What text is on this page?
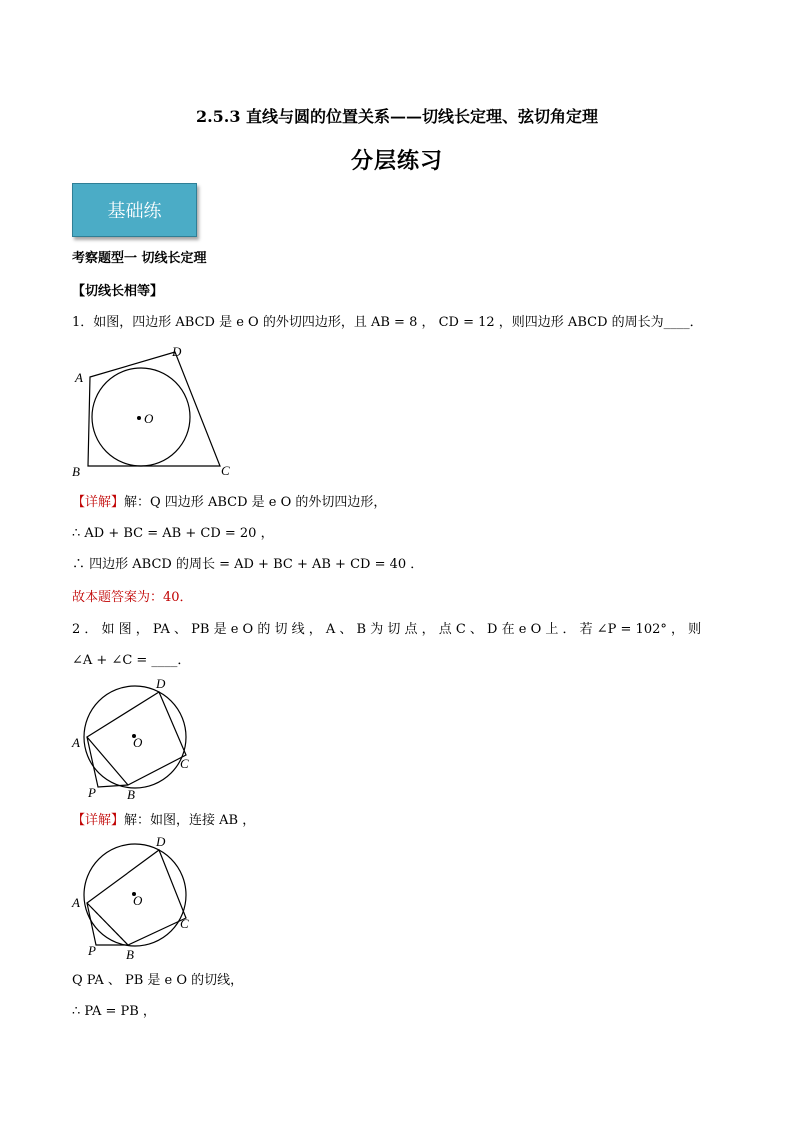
2.5.3 直线与圆的位置关系——切线长定理、弦切角定理
分层练习
基础练
考察题型一 切线长定理
【切线长相等】
1．如图，四边形 ABCD 是 e O 的外切四边形，且 AB = 8 ， CD = 12 ，则四边形 ABCD 的周长为____．
O
A
B	C
D
【详解】解：Q 四边形 ABCD 是 e O 的外切四边形，
∴ AD + BC = AB + CD = 20 ，
∴ 四边形 ABCD 的周长 = AD + BC + AB + CD = 40 ．
故本题答案为：40．
2 ． 如 图 ， PA 、 PB 是 e O 的 切 线 ， A 、 B 为 切 点 ， 点 C 、 D 在 e O 上 ． 若 ∠P = 102° ， 则
∠A + ∠C = ____．
O
A
D
C
P B
【详解】解：如图，连接 AB ，
O
A
D
C
P B
Q PA 、 PB 是 e O 的切线，
∴ PA = PB ，
